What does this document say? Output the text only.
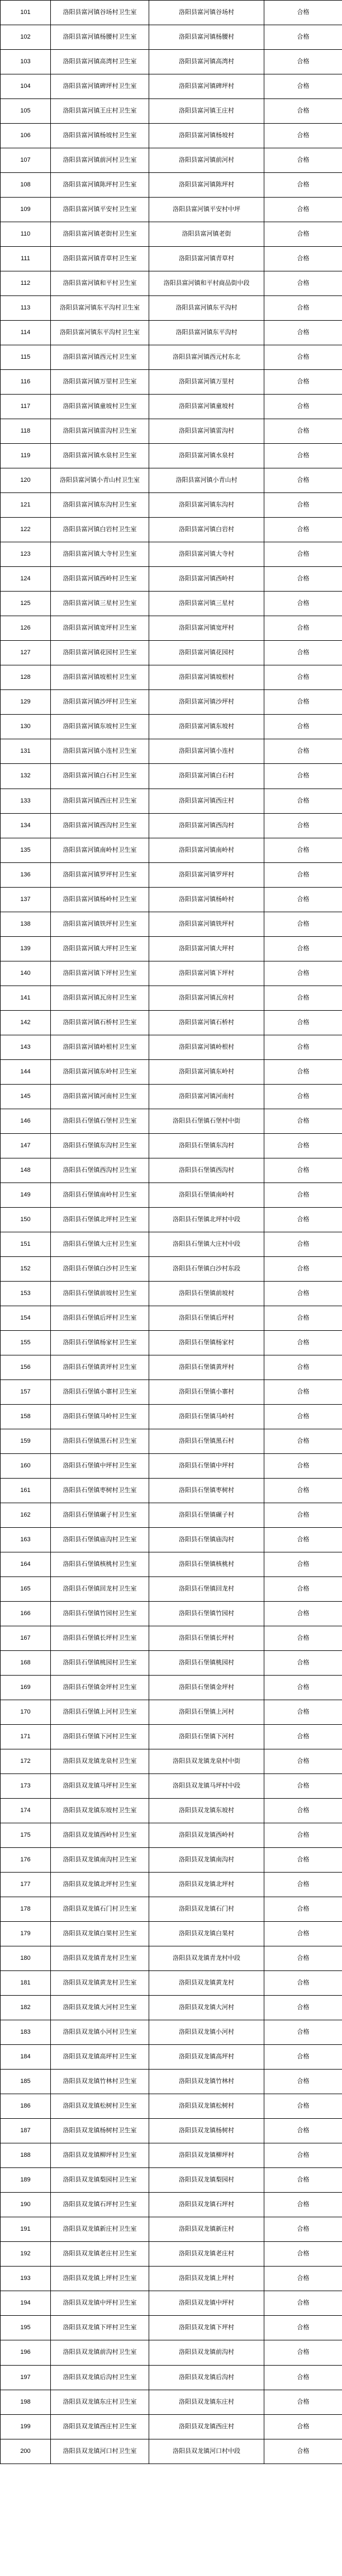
101	洛阳县富河镇谷场村卫生室	洛阳县富河镇谷场村	合格
102	洛阳县富河镇杨腰村卫生室	洛阳县富河镇杨腰村	合格
103	洛阳县富河镇高湾村卫生室	洛阳县富河镇高湾村	合格
104	洛阳县富河镇碑坪村卫生室	洛阳县富河镇碑坪村	合格
105	洛阳县富河镇王庄村卫生室	洛阳县富河镇王庄村	合格
106	洛阳县富河镇杨坡村卫生室	洛阳县富河镇杨坡村	合格
107	洛阳县富河镇前河村卫生室	洛阳县富河镇前河村	合格
108	洛阳县富河镇陈坪村卫生室	洛阳县富河镇陈坪村	合格
109	洛阳县富河镇平安村卫生室	洛阳县富河镇平安村中坪	合格
110	洛阳县富河镇老街村卫生室	洛阳县富河镇老街	合格
111	洛阳县富河镇青草村卫生室	洛阳县富河镇青草村	合格
112	洛阳县富河镇和平村卫生室	洛阳县富河镇和平村商品街中段	合格
113	洛阳县富河镇东平沟村卫生室	洛阳县富河镇东平沟村	合格
114	洛阳县富河镇东平沟村卫生室	洛阳县富河镇东平沟村	合格
115	洛阳县富河镇西元村卫生室	洛阳县富河镇西元村东北	合格
116	洛阳县富河镇万里村卫生室	洛阳县富河镇万里村	合格
117	洛阳县富河镇童坡村卫生室	洛阳县富河镇童坡村	合格
118	洛阳县富河镇雷沟村卫生室	洛阳县富河镇雷沟村	合格
119	洛阳县富河镇水泉村卫生室	洛阳县富河镇水泉村	合格
120	洛阳县富河镇小青山村卫生室	洛阳县富河镇小青山村	合格
121	洛阳县富河镇东沟村卫生室	洛阳县富河镇东沟村	合格
122	洛阳县富河镇白岩村卫生室	洛阳县富河镇白岩村	合格
123	洛阳县富河镇大寺村卫生室	洛阳县富河镇大寺村	合格
124	洛阳县富河镇西岭村卫生室	洛阳县富河镇西岭村	合格
125	洛阳县富河镇三星村卫生室	洛阳县富河镇三星村	合格
126	洛阳县富河镇宽坪村卫生室	洛阳县富河镇宽坪村	合格
127	洛阳县富河镇花园村卫生室	洛阳县富河镇花园村	合格
128	洛阳县富河镇坡根村卫生室	洛阳县富河镇坡根村	合格
129	洛阳县富河镇沙坪村卫生室	洛阳县富河镇沙坪村	合格
130	洛阳县富河镇东坡村卫生室	洛阳县富河镇东坡村	合格
131	洛阳县富河镇小连村卫生室	洛阳县富河镇小连村	合格
132	洛阳县富河镇白石村卫生室	洛阳县富河镇白石村	合格
133	洛阳县富河镇西庄村卫生室	洛阳县富河镇西庄村	合格
134	洛阳县富河镇西沟村卫生室	洛阳县富河镇西沟村	合格
135	洛阳县富河镇南岭村卫生室	洛阳县富河镇南岭村	合格
136	洛阳县富河镇罗坪村卫生室	洛阳县富河镇罗坪村	合格
137	洛阳县富河镇杨岭村卫生室	洛阳县富河镇杨岭村	合格
138	洛阳县富河镇铁坪村卫生室	洛阳县富河镇铁坪村	合格
139	洛阳县富河镇大坪村卫生室	洛阳县富河镇大坪村	合格
140	洛阳县富河镇下坪村卫生室	洛阳县富河镇下坪村	合格
141	洛阳县富河镇瓦房村卫生室	洛阳县富河镇瓦房村	合格
142	洛阳县富河镇石桥村卫生室	洛阳县富河镇石桥村	合格
143	洛阳县富河镇岭根村卫生室	洛阳县富河镇岭根村	合格
144	洛阳县富河镇东岭村卫生室	洛阳县富河镇东岭村	合格
145	洛阳县富河镇河南村卫生室	洛阳县富河镇河南村	合格
146	洛阳县石堡镇石堡村卫生室	洛阳县石堡镇石堡村中街	合格
147	洛阳县石堡镇东沟村卫生室	洛阳县石堡镇东沟村	合格
148	洛阳县石堡镇西沟村卫生室	洛阳县石堡镇西沟村	合格
149	洛阳县石堡镇南岭村卫生室	洛阳县石堡镇南岭村	合格
150	洛阳县石堡镇北坪村卫生室	洛阳县石堡镇北坪村中段	合格
151	洛阳县石堡镇大庄村卫生室	洛阳县石堡镇大庄村中段	合格
152	洛阳县石堡镇白沙村卫生室	洛阳县石堡镇白沙村东段	合格
153	洛阳县石堡镇前坡村卫生室	洛阳县石堡镇前坡村	合格
154	洛阳县石堡镇后坪村卫生室	洛阳县石堡镇后坪村	合格
155	洛阳县石堡镇杨家村卫生室	洛阳县石堡镇杨家村	合格
156	洛阳县石堡镇黄坪村卫生室	洛阳县石堡镇黄坪村	合格
157	洛阳县石堡镇小寨村卫生室	洛阳县石堡镇小寨村	合格
158	洛阳县石堡镇马岭村卫生室	洛阳县石堡镇马岭村	合格
159	洛阳县石堡镇黑石村卫生室	洛阳县石堡镇黑石村	合格
160	洛阳县石堡镇中坪村卫生室	洛阳县石堡镇中坪村	合格
161	洛阳县石堡镇枣树村卫生室	洛阳县石堡镇枣树村	合格
162	洛阳县石堡镇碾子村卫生室	洛阳县石堡镇碾子村	合格
163	洛阳县石堡镇庙沟村卫生室	洛阳县石堡镇庙沟村	合格
164	洛阳县石堡镇核桃村卫生室	洛阳县石堡镇核桃村	合格
165	洛阳县石堡镇回龙村卫生室	洛阳县石堡镇回龙村	合格
166	洛阳县石堡镇竹园村卫生室	洛阳县石堡镇竹园村	合格
167	洛阳县石堡镇长坪村卫生室	洛阳县石堡镇长坪村	合格
168	洛阳县石堡镇桃园村卫生室	洛阳县石堡镇桃园村	合格
169	洛阳县石堡镇金坪村卫生室	洛阳县石堡镇金坪村	合格
170	洛阳县石堡镇上河村卫生室	洛阳县石堡镇上河村	合格
171	洛阳县石堡镇下河村卫生室	洛阳县石堡镇下河村	合格
172	洛阳县双龙镇龙泉村卫生室	洛阳县双龙镇龙泉村中街	合格
173	洛阳县双龙镇马坪村卫生室	洛阳县双龙镇马坪村中段	合格
174	洛阳县双龙镇东坡村卫生室	洛阳县双龙镇东坡村	合格
175	洛阳县双龙镇西岭村卫生室	洛阳县双龙镇西岭村	合格
176	洛阳县双龙镇南沟村卫生室	洛阳县双龙镇南沟村	合格
177	洛阳县双龙镇北坪村卫生室	洛阳县双龙镇北坪村	合格
178	洛阳县双龙镇石门村卫生室	洛阳县双龙镇石门村	合格
179	洛阳县双龙镇白果村卫生室	洛阳县双龙镇白果村	合格
180	洛阳县双龙镇青龙村卫生室	洛阳县双龙镇青龙村中段	合格
181	洛阳县双龙镇黄龙村卫生室	洛阳县双龙镇黄龙村	合格
182	洛阳县双龙镇大河村卫生室	洛阳县双龙镇大河村	合格
183	洛阳县双龙镇小河村卫生室	洛阳县双龙镇小河村	合格
184	洛阳县双龙镇高坪村卫生室	洛阳县双龙镇高坪村	合格
185	洛阳县双龙镇竹林村卫生室	洛阳县双龙镇竹林村	合格
186	洛阳县双龙镇松树村卫生室	洛阳县双龙镇松树村	合格
187	洛阳县双龙镇杨树村卫生室	洛阳县双龙镇杨树村	合格
188	洛阳县双龙镇柳坪村卫生室	洛阳县双龙镇柳坪村	合格
189	洛阳县双龙镇梨园村卫生室	洛阳县双龙镇梨园村	合格
190	洛阳县双龙镇石坪村卫生室	洛阳县双龙镇石坪村	合格
191	洛阳县双龙镇新庄村卫生室	洛阳县双龙镇新庄村	合格
192	洛阳县双龙镇老庄村卫生室	洛阳县双龙镇老庄村	合格
193	洛阳县双龙镇上坪村卫生室	洛阳县双龙镇上坪村	合格
194	洛阳县双龙镇中坪村卫生室	洛阳县双龙镇中坪村	合格
195	洛阳县双龙镇下坪村卫生室	洛阳县双龙镇下坪村	合格
196	洛阳县双龙镇前沟村卫生室	洛阳县双龙镇前沟村	合格
197	洛阳县双龙镇后沟村卫生室	洛阳县双龙镇后沟村	合格
198	洛阳县双龙镇东庄村卫生室	洛阳县双龙镇东庄村	合格
199	洛阳县双龙镇西庄村卫生室	洛阳县双龙镇西庄村	合格
200	洛阳县双龙镇河口村卫生室	洛阳县双龙镇河口村中段	合格
